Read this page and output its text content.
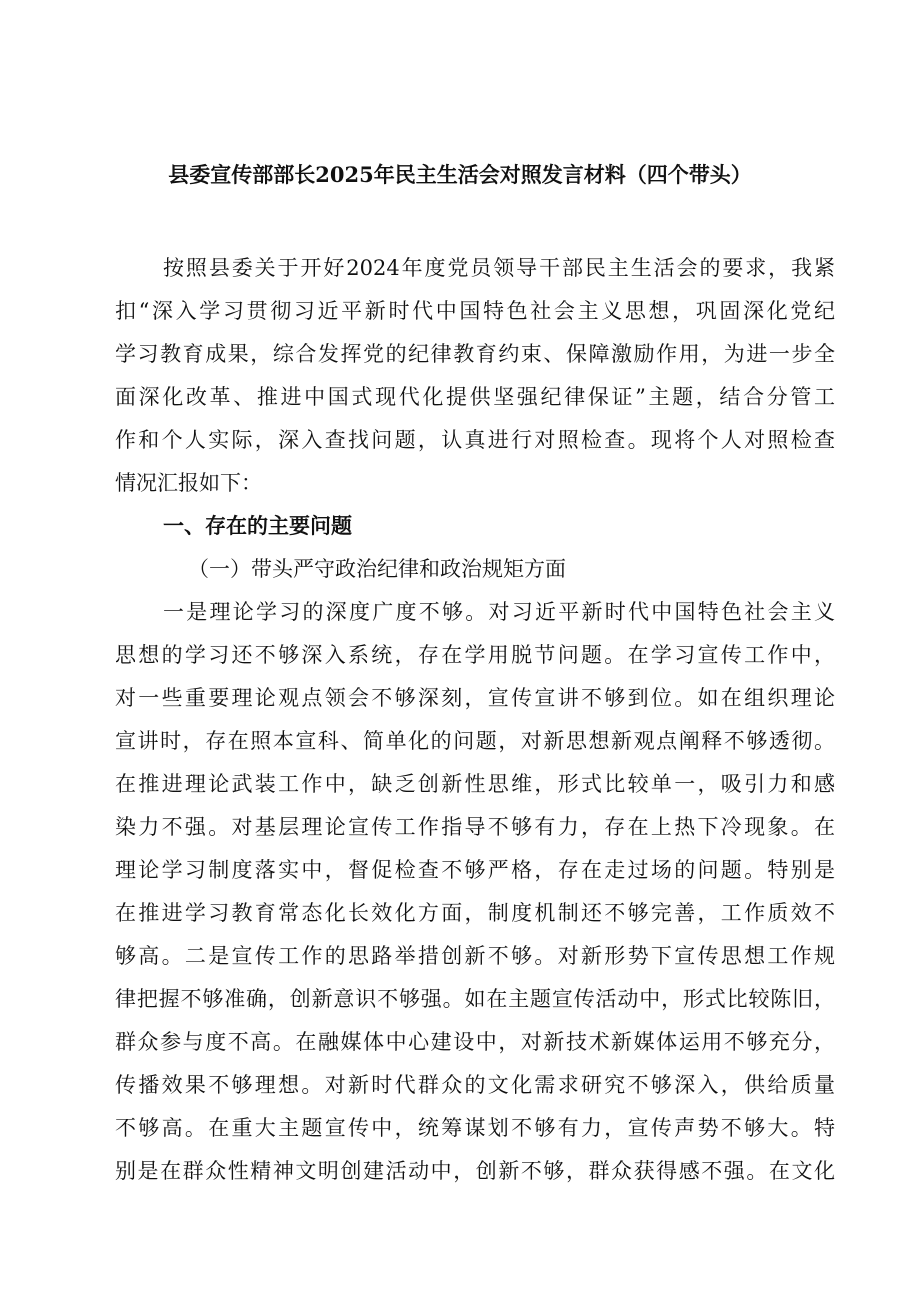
县委宣传部部长2025年民主生活会对照发言材料（四个带头）
按照县委关于开好2024年度党员领导干部民主生活会的要求，我紧
扣“深入学习贯彻习近平新时代中国特色社会主义思想，巩固深化党纪
学习教育成果，综合发挥党的纪律教育约束、保障激励作用，为进一步全
面深化改革、推进中国式现代化提供坚强纪律保证”主题，结合分管工
作和个人实际，深入查找问题，认真进行对照检查。现将个人对照检查
情况汇报如下：
一、存在的主要问题
（一）带头严守政治纪律和政治规矩方面
一是理论学习的深度广度不够。对习近平新时代中国特色社会主义
思想的学习还不够深入系统，存在学用脱节问题。在学习宣传工作中，
对一些重要理论观点领会不够深刻，宣传宣讲不够到位。如在组织理论
宣讲时，存在照本宣科、简单化的问题，对新思想新观点阐释不够透彻。
在推进理论武装工作中，缺乏创新性思维，形式比较单一，吸引力和感
染力不强。对基层理论宣传工作指导不够有力，存在上热下冷现象。在
理论学习制度落实中，督促检查不够严格，存在走过场的问题。特别是
在推进学习教育常态化长效化方面，制度机制还不够完善，工作质效不
够高。二是宣传工作的思路举措创新不够。对新形势下宣传思想工作规
律把握不够准确，创新意识不够强。如在主题宣传活动中，形式比较陈旧，
群众参与度不高。在融媒体中心建设中，对新技术新媒体运用不够充分，
传播效果不够理想。对新时代群众的文化需求研究不够深入，供给质量
不够高。在重大主题宣传中，统筹谋划不够有力，宣传声势不够大。特
别是在群众性精神文明创建活动中，创新不够，群众获得感不强。在文化
